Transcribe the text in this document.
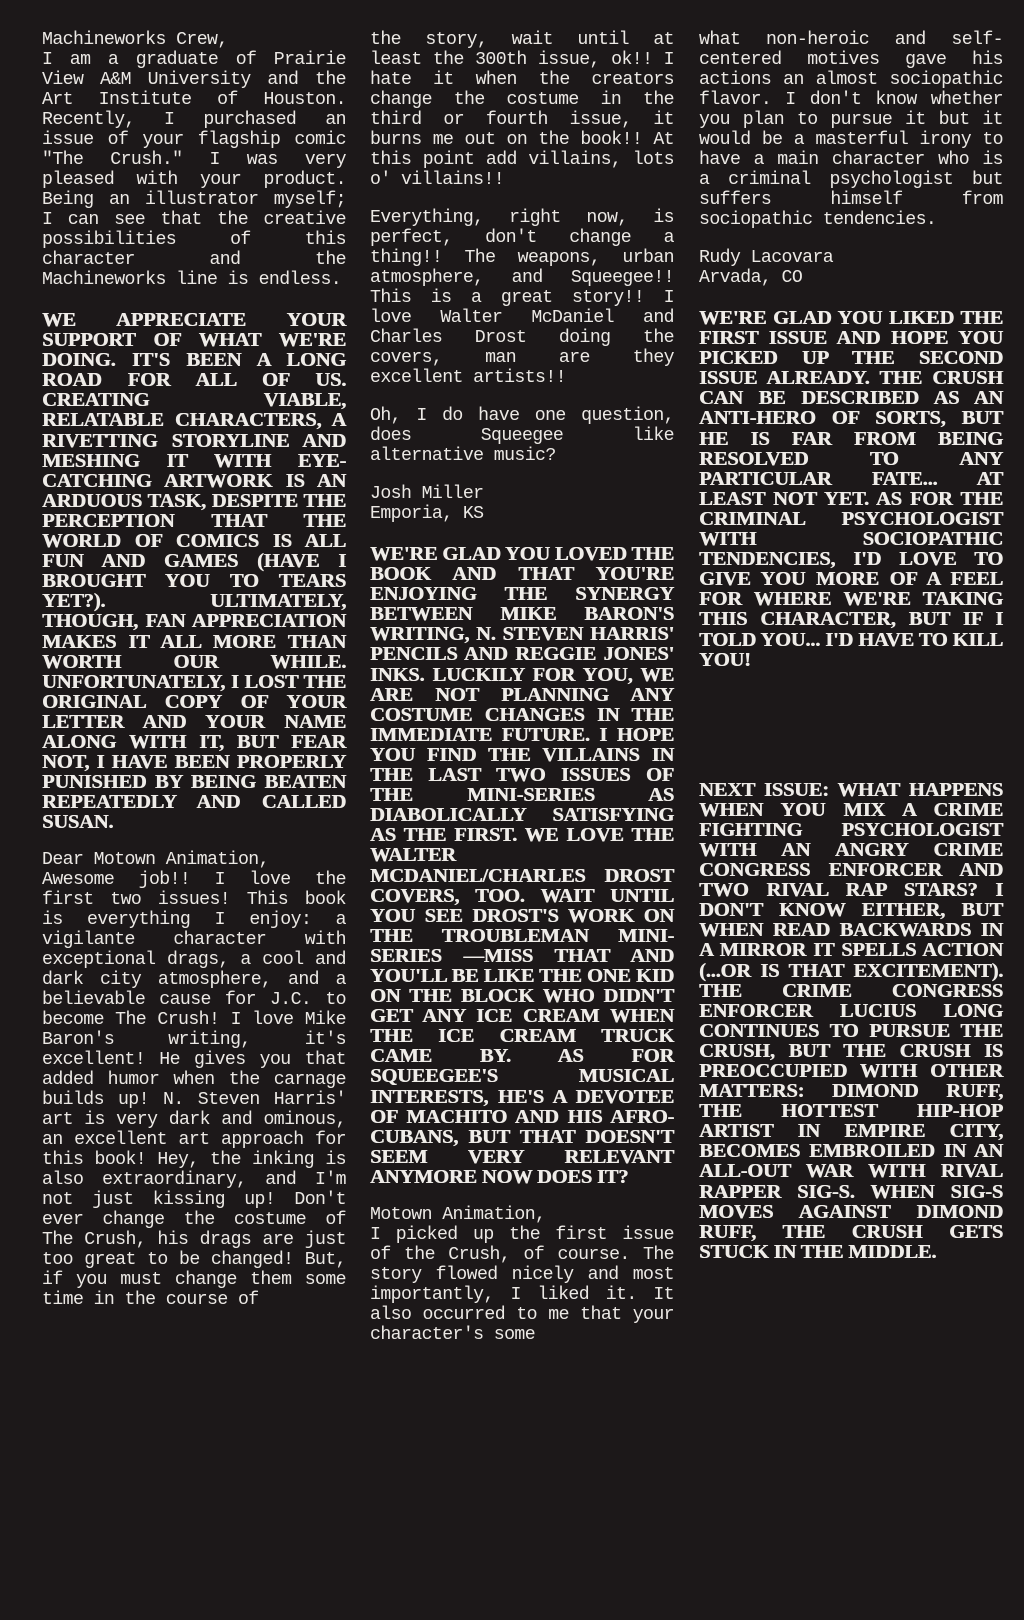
Machineworks Crew,

I am a graduate of Prairie View A&M University and the Art Institute of Houston. Recently, I purchased an issue of your flagship comic "The Crush." I was very pleased with your product. Being an illustrator myself; I can see that the creative possibilities of this character and the Machineworks line is endless.

WE APPRECIATE YOUR SUPPORT OF WHAT WE'RE DOING. IT'S BEEN A LONG ROAD FOR ALL OF US. CREATING VIABLE, RELATABLE CHARACTERS, A RIVETTING STORYLINE AND MESHING IT WITH EYE-CATCHING ARTWORK IS AN ARDUOUS TASK, DESPITE THE PERCEPTION THAT THE WORLD OF COMICS IS ALL FUN AND GAMES (HAVE I BROUGHT YOU TO TEARS YET?). ULTIMATELY, THOUGH, FAN APPRECIATION MAKES IT ALL MORE THAN WORTH OUR WHILE. UNFORTUNATELY, I LOST THE ORIGINAL COPY OF YOUR LETTER AND YOUR NAME ALONG WITH IT, BUT FEAR NOT, I HAVE BEEN PROPERLY PUNISHED BY BEING BEATEN REPEATEDLY AND CALLED SUSAN.

Dear Motown Animation,

Awesome job!! I love the first two issues! This book is everything I enjoy: a vigilante character with exceptional drags, a cool and dark city atmosphere, and a believable cause for J.C. to become The Crush! I love Mike Baron's writing, it's excellent! He gives you that added humor when the carnage builds up! N. Steven Harris' art is very dark and ominous, an excellent art approach for this book! Hey, the inking is also extraordinary, and I'm not just kissing up! Don't ever change the costume of The Crush, his drags are just too great to be changed! But, if you must change them some time in the course of

the story, wait until at least the 300th issue, ok!! I hate it when the creators change the costume in the third or fourth issue, it burns me out on the book!! At this point add villains, lots o' villains!!

Everything, right now, is perfect, don't change a thing!! The weapons, urban atmosphere, and Squeegee!! This is a great story!! I love Walter McDaniel and Charles Drost doing the covers, man are they excellent artists!!

Oh, I do have one question, does Squeegee like alternative music?

Josh Miller

Emporia, KS

WE'RE GLAD YOU LOVED THE BOOK AND THAT YOU'RE ENJOYING THE SYNERGY BETWEEN MIKE BARON'S WRITING, N. STEVEN HARRIS' PENCILS AND REGGIE JONES' INKS. LUCKILY FOR YOU, WE ARE NOT PLANNING ANY COSTUME CHANGES IN THE IMMEDIATE FUTURE. I HOPE YOU FIND THE VILLAINS IN THE LAST TWO ISSUES OF THE MINI-SERIES AS DIABOLICALLY SATISFYING AS THE FIRST. WE LOVE THE WALTER MCDANIEL/CHARLES DROST COVERS, TOO. WAIT UNTIL YOU SEE DROST'S WORK ON THE TROUBLEMAN MINI-SERIES —MISS THAT AND YOU'LL BE LIKE THE ONE KID ON THE BLOCK WHO DIDN'T GET ANY ICE CREAM WHEN THE ICE CREAM TRUCK CAME BY. AS FOR SQUEEGEE'S MUSICAL INTERESTS, HE'S A DEVOTEE OF MACHITO AND HIS AFRO-CUBANS, BUT THAT DOESN'T SEEM VERY RELEVANT ANYMORE NOW DOES IT?

Motown Animation,

I picked up the first issue of the Crush, of course. The story flowed nicely and most importantly, I liked it. It also occurred to me that your character's some

what non-heroic and self-centered motives gave his actions an almost sociopathic flavor. I don't know whether you plan to pursue it but it would be a masterful irony to have a main character who is a criminal psychologist but suffers himself from sociopathic tendencies.

Rudy Lacovara

Arvada, CO

WE'RE GLAD YOU LIKED THE FIRST ISSUE AND HOPE YOU PICKED UP THE SECOND ISSUE ALREADY. THE CRUSH CAN BE DESCRIBED AS AN ANTI-HERO OF SORTS, BUT HE IS FAR FROM BEING RESOLVED TO ANY PARTICULAR FATE... AT LEAST NOT YET. AS FOR THE CRIMINAL PSYCHOLOGIST WITH SOCIOPATHIC TENDENCIES, I'D LOVE TO GIVE YOU MORE OF A FEEL FOR WHERE WE'RE TAKING THIS CHARACTER, BUT IF I TOLD YOU... I'D HAVE TO KILL YOU!

NEXT ISSUE: WHAT HAPPENS WHEN YOU MIX A CRIME FIGHTING PSYCHOLOGIST WITH AN ANGRY CRIME CONGRESS ENFORCER AND TWO RIVAL RAP STARS? I DON'T KNOW EITHER, BUT WHEN READ BACKWARDS IN A MIRROR IT SPELLS ACTION (...OR IS THAT EXCITEMENT). THE CRIME CONGRESS ENFORCER LUCIUS LONG CONTINUES TO PURSUE THE CRUSH, BUT THE CRUSH IS PREOCCUPIED WITH OTHER MATTERS: DIMOND RUFF, THE HOTTEST HIP-HOP ARTIST IN EMPIRE CITY, BECOMES EMBROILED IN AN ALL-OUT WAR WITH RIVAL RAPPER SIG-S. WHEN SIG-S MOVES AGAINST DIMOND RUFF, THE CRUSH GETS STUCK IN THE MIDDLE.
